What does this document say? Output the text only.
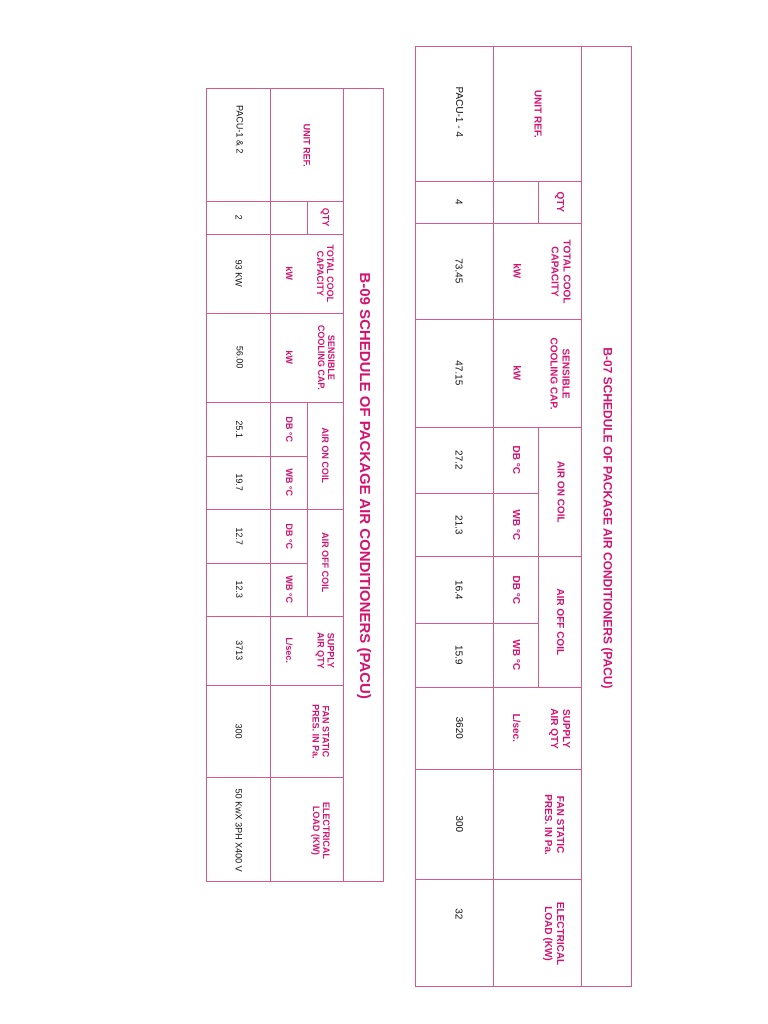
B-07 SCHEDULE OF PACKAGE AIR CONDITIONERS (PACU)
UNIT REF.
QTY
TOTAL COOL
CAPACITY
kW
SENSIBLE
COOLING CAP.
kW
AIR ON COIL
DB °C
WB °C
AIR OFF COIL
DB °C
WB °C
SUPPLY
AIR QTY
L/sec.
FAN STATIC
PRES. IN Pa.
ELECTRICAL
LOAD (KW)
PACU-1 - 4
4
73.45
47.15
27.2
21.3
16.4
15.9
3620
300
32
B-09 SCHEDULE OF PACKAGE AIR CONDITIONERS (PACU)
UNIT REF.
QTY
TOTAL COOL
CAPACITY
kW
SENSIBLE
COOLING CAP.
kW
AIR ON COIL
DB °C
WB °C
AIR OFF COIL
DB °C
WB °C
SUPPLY
AIR QTY
L/sec.
FAN STATIC
PRES. IN Pa.
ELECTRICAL
LOAD (KW)
PACU-1 & 2
2
93 KW
56.00
25.1
19.7
12.7
12.3
3713
300
50 KwX 3PH X400 V
